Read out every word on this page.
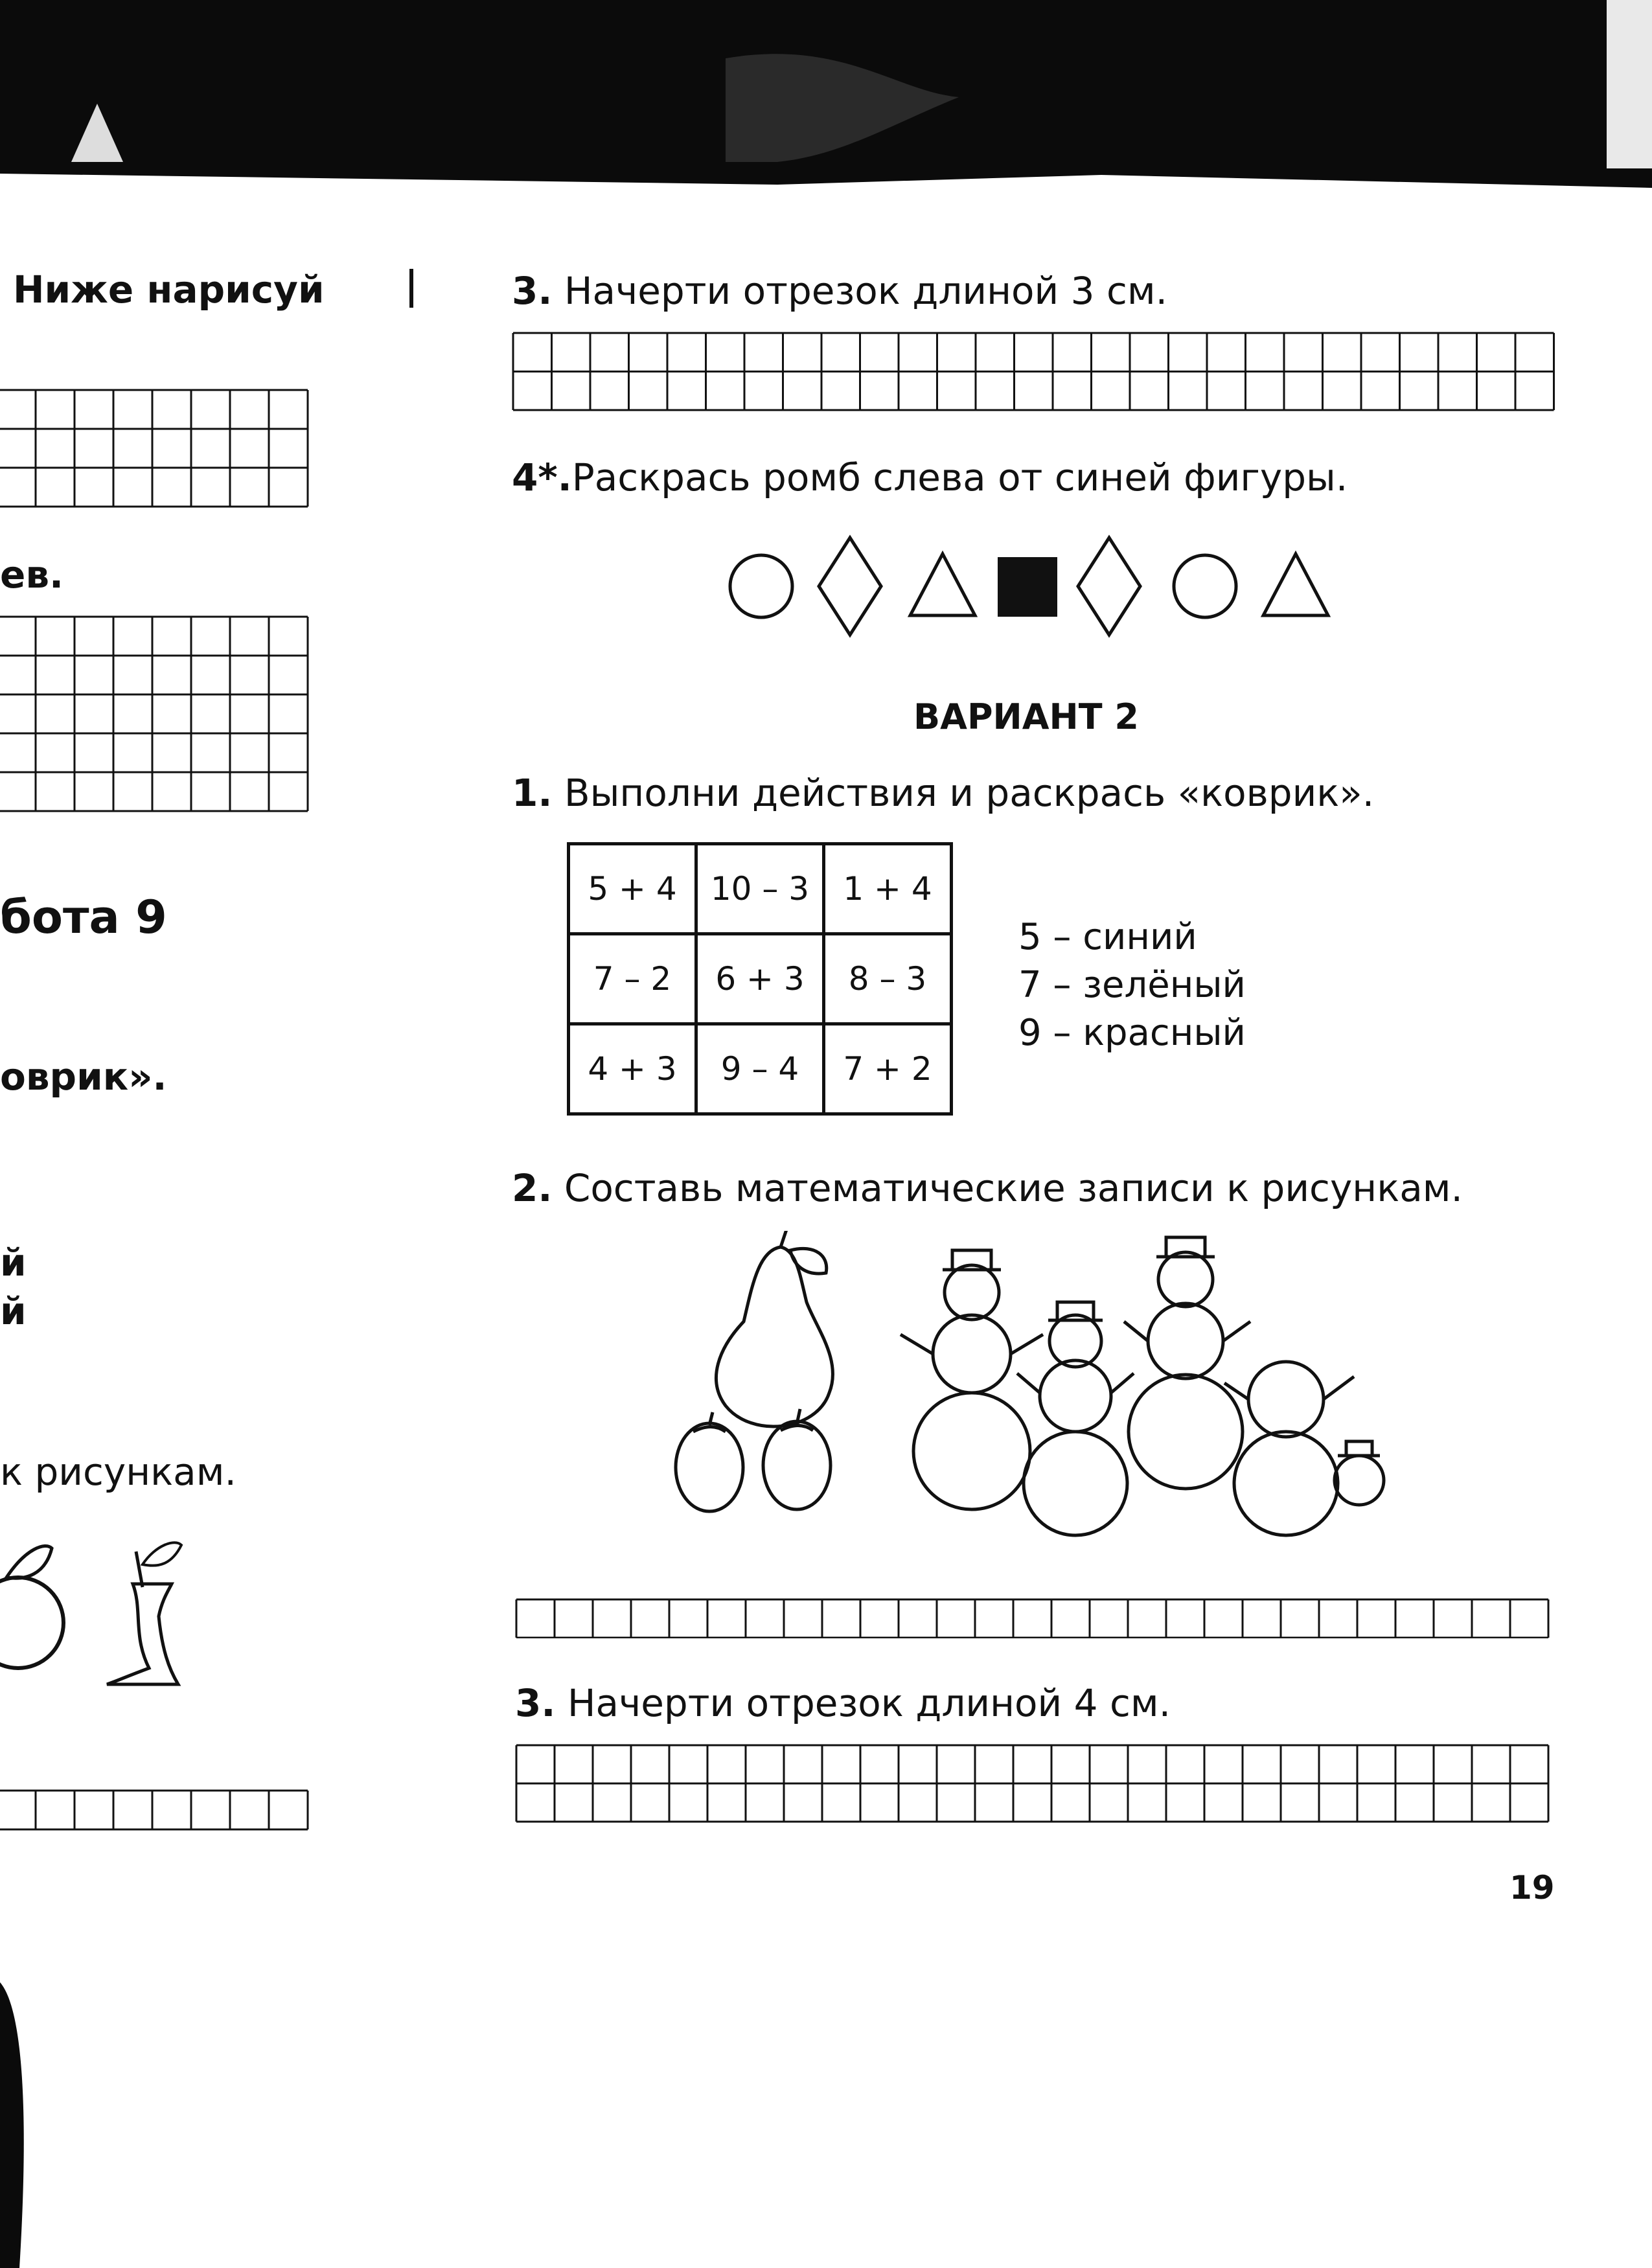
Ниже нарисуй
ев.
бота 9
оврик».
й
й
к рисункам.
3. Начерти отрезок длиной 3 см.
4*.Раскрась ромб слева от синей фигуры.
ВАРИАНТ 2
1. Выполни действия и раскрась «коврик».
5 + 4	10 – 3	1 + 4
7 – 2	6 + 3	8 – 3
4 + 3	9 – 4	7 + 2
5 – синий
7 – зелёный
9 – красный
2. Составь математические записи к рисункам.
3. Начерти отрезок длиной 4 см.
19
